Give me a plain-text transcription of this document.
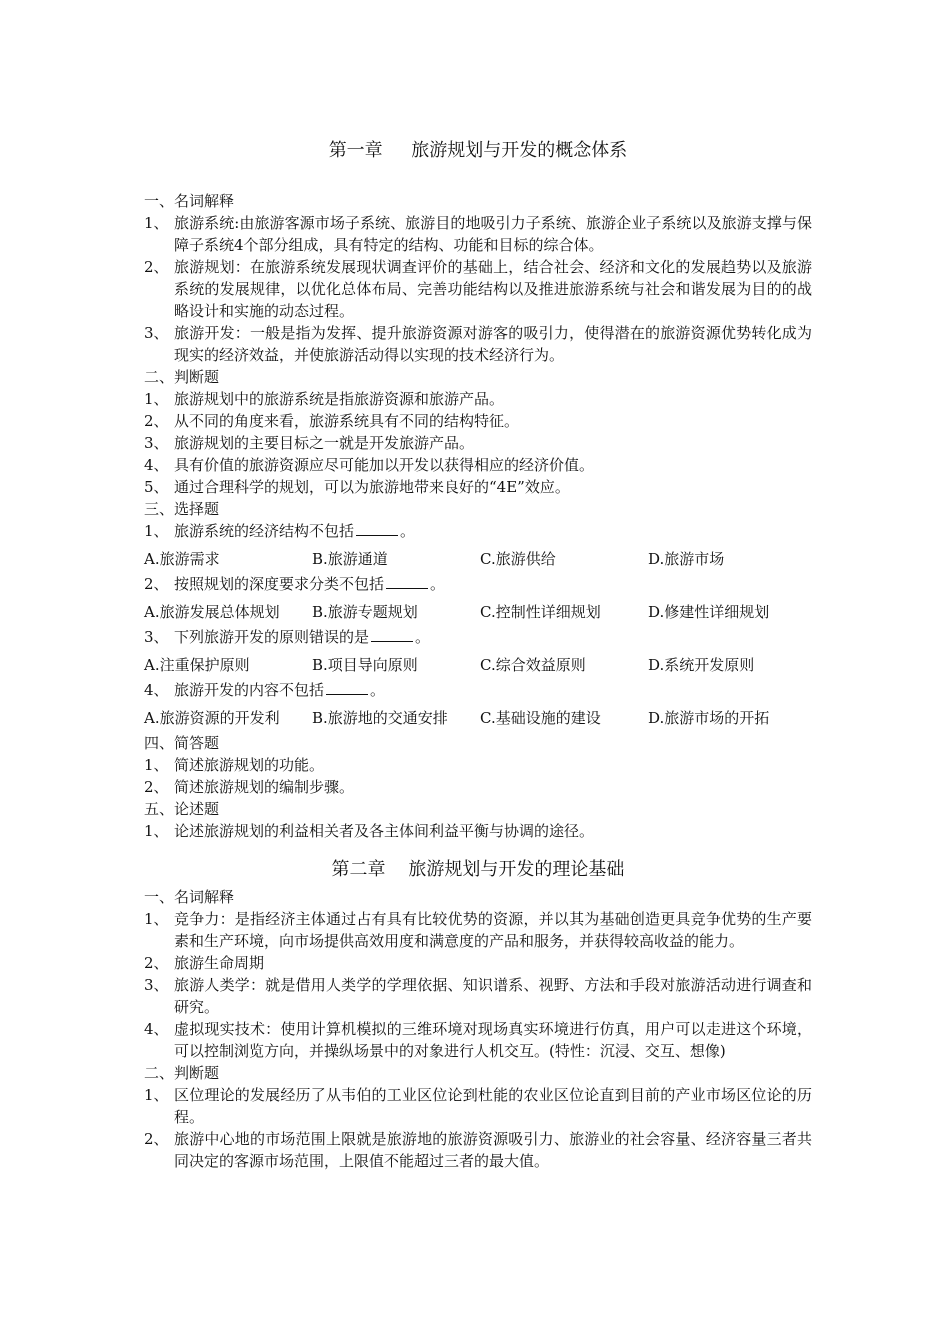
第一章     旅游规划与开发的概念体系
一、名词解释
1、 旅游系统:由旅游客源市场子系统、旅游目的地吸引力子系统、旅游企业子系统以及旅游支撑与保障子系统4个部分组成，具有特定的结构、功能和目标的综合体。
2、 旅游规划：在旅游系统发展现状调查评价的基础上，结合社会、经济和文化的发展趋势以及旅游系统的发展规律，以优化总体布局、完善功能结构以及推进旅游系统与社会和谐发展为目的的战略设计和实施的动态过程。
3、 旅游开发：一般是指为发挥、提升旅游资源对游客的吸引力，使得潜在的旅游资源优势转化成为现实的经济效益，并使旅游活动得以实现的技术经济行为。
二、判断题
1、 旅游规划中的旅游系统是指旅游资源和旅游产品。
2、 从不同的角度来看，旅游系统具有不同的结构特征。
3、 旅游规划的主要目标之一就是开发旅游产品。
4、 具有价值的旅游资源应尽可能加以开发以获得相应的经济价值。
5、 通过合理科学的规划，可以为旅游地带来良好的“4E”效应。
三、选择题
1、 旅游系统的经济结构不包括	。
A.旅游需求	B.旅游通道	C.旅游供给	D.旅游市场
2、 按照规划的深度要求分类不包括	。
A.旅游发展总体规划	B.旅游专题规划	C.控制性详细规划	D.修建性详细规划
3、 下列旅游开发的原则错误的是	。
A.注重保护原则	B.项目导向原则	C.综合效益原则	D.系统开发原则
4、 旅游开发的内容不包括	。
A.旅游资源的开发利	B.旅游地的交通安排	C.基础设施的建设	D.旅游市场的开拓
四、简答题
1、 简述旅游规划的功能。
2、 简述旅游规划的编制步骤。
五、论述题
1、 论述旅游规划的利益相关者及各主体间利益平衡与协调的途径。
第二章    旅游规划与开发的理论基础
一、名词解释
1、 竞争力：是指经济主体通过占有具有比较优势的资源，并以其为基础创造更具竞争优势的生产要素和生产环境，向市场提供高效用度和满意度的产品和服务，并获得较高收益的能力。
2、 旅游生命周期
3、 旅游人类学：就是借用人类学的学理依据、知识谱系、视野、方法和手段对旅游活动进行调查和研究。
4、 虚拟现实技术：使用计算机模拟的三维环境对现场真实环境进行仿真，用户可以走进这个环境，可以控制浏览方向，并操纵场景中的对象进行人机交互。(特性：沉浸、交互、想像)
二、判断题
1、 区位理论的发展经历了从韦伯的工业区位论到杜能的农业区位论直到目前的产业市场区位论的历程。
2、 旅游中心地的市场范围上限就是旅游地的旅游资源吸引力、旅游业的社会容量、经济容量三者共同决定的客源市场范围，上限值不能超过三者的最大值。
